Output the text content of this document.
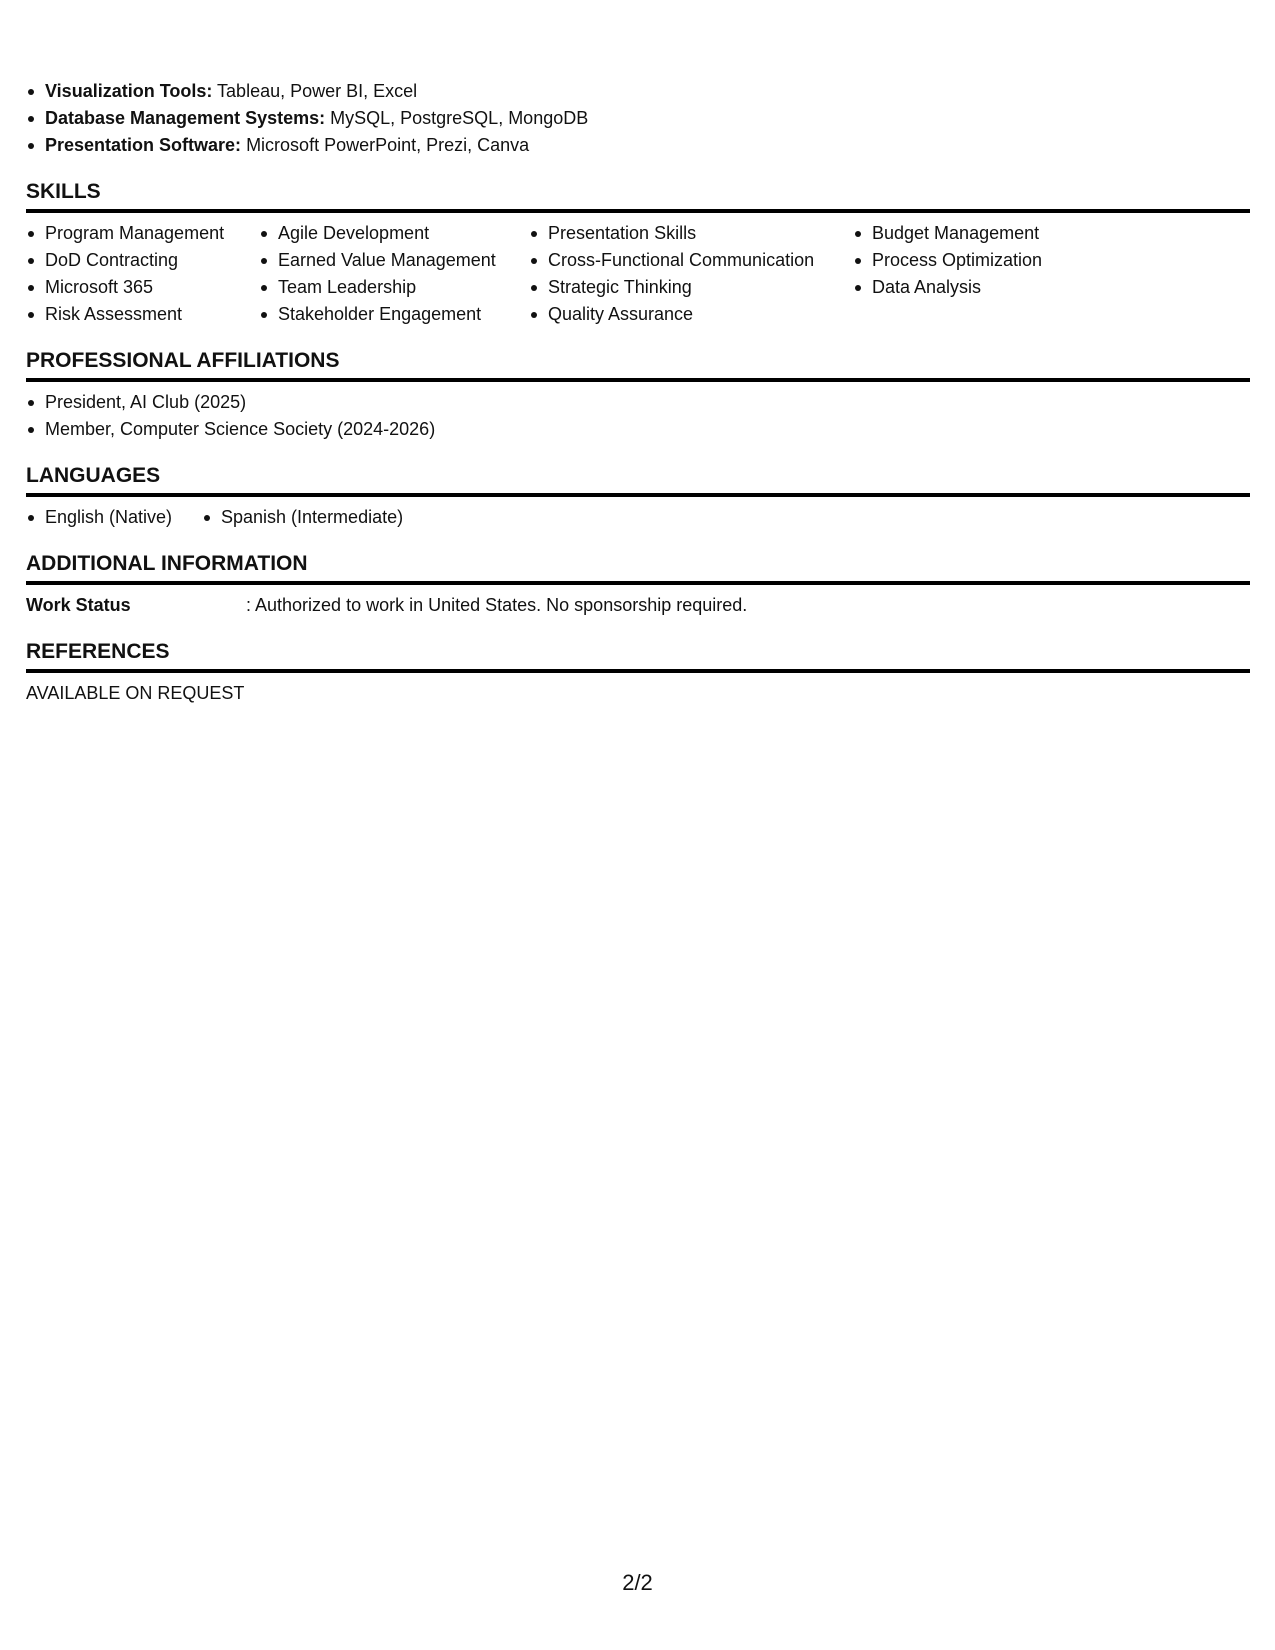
Visualization Tools: Tableau, Power BI, Excel
Database Management Systems: MySQL, PostgreSQL, MongoDB
Presentation Software: Microsoft PowerPoint, Prezi, Canva
SKILLS
Program Management
DoD Contracting
Microsoft 365
Risk Assessment
Agile Development
Earned Value Management
Team Leadership
Stakeholder Engagement
Presentation Skills
Cross-Functional Communication
Strategic Thinking
Quality Assurance
Budget Management
Process Optimization
Data Analysis
PROFESSIONAL AFFILIATIONS
President, AI Club (2025)
Member, Computer Science Society (2024-2026)
LANGUAGES
English (Native)	Spanish (Intermediate)
ADDITIONAL INFORMATION
Work Status	: Authorized to work in United States. No sponsorship required.
REFERENCES
AVAILABLE ON REQUEST
2/2
